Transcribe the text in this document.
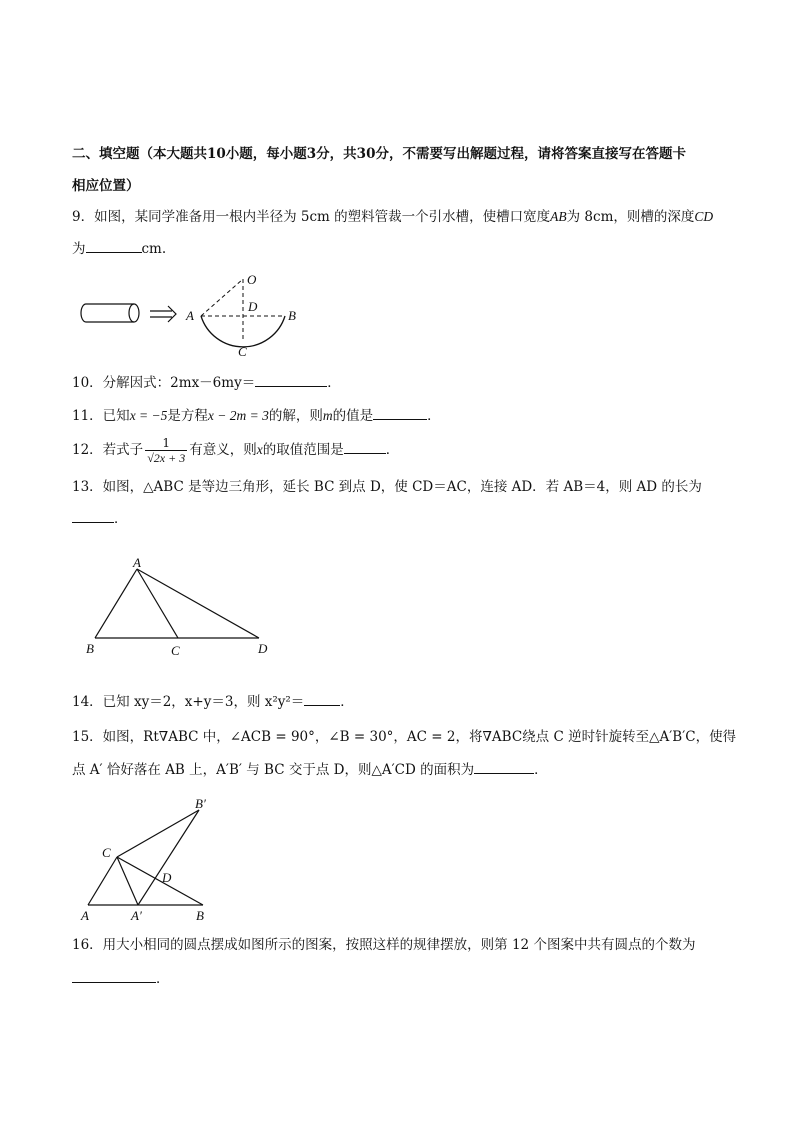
二、填空题（本大题共10小题，每小题3分，共30分，不需要写出解题过程，请将答案直接写在答题卡
相应位置）
9．如图，某同学准备用一根内半径为 5cm 的塑料管裁一个引水槽，使槽口宽度AB为 8cm，则槽的深度CD
为	cm.
O
D
A	B
C
10．分解因式：2mx－6my＝	．
11．已知x = −5是方程x − 2m = 3的解，则m的值是	．
12．若式子 $\frac{1}{√2x + 3}$ 有意义，则x的取值范围是	．
13．如图，△ABC 是等边三角形，延长 BC 到点 D，使 CD＝AC，连接 AD．若 AB＝4，则 AD 的长为
．
A
B	C	D
14．已知 xy＝2，x+y＝3，则 x²y²＝	．
15．如图，Rt∇ABC 中，∠ACB = 90°，∠B = 30°，AC = 2，将∇ABC绕点 C 逆时针旋转至△A′B′C，使得
点 A′ 恰好落在 AB 上，A′B′ 与 BC 交于点 D，则△A′CD 的面积为	．
B′
C
D
A	A′	B
16．用大小相同的圆点摆成如图所示的图案，按照这样的规律摆放，则第 12 个图案中共有圆点的个数为
．
